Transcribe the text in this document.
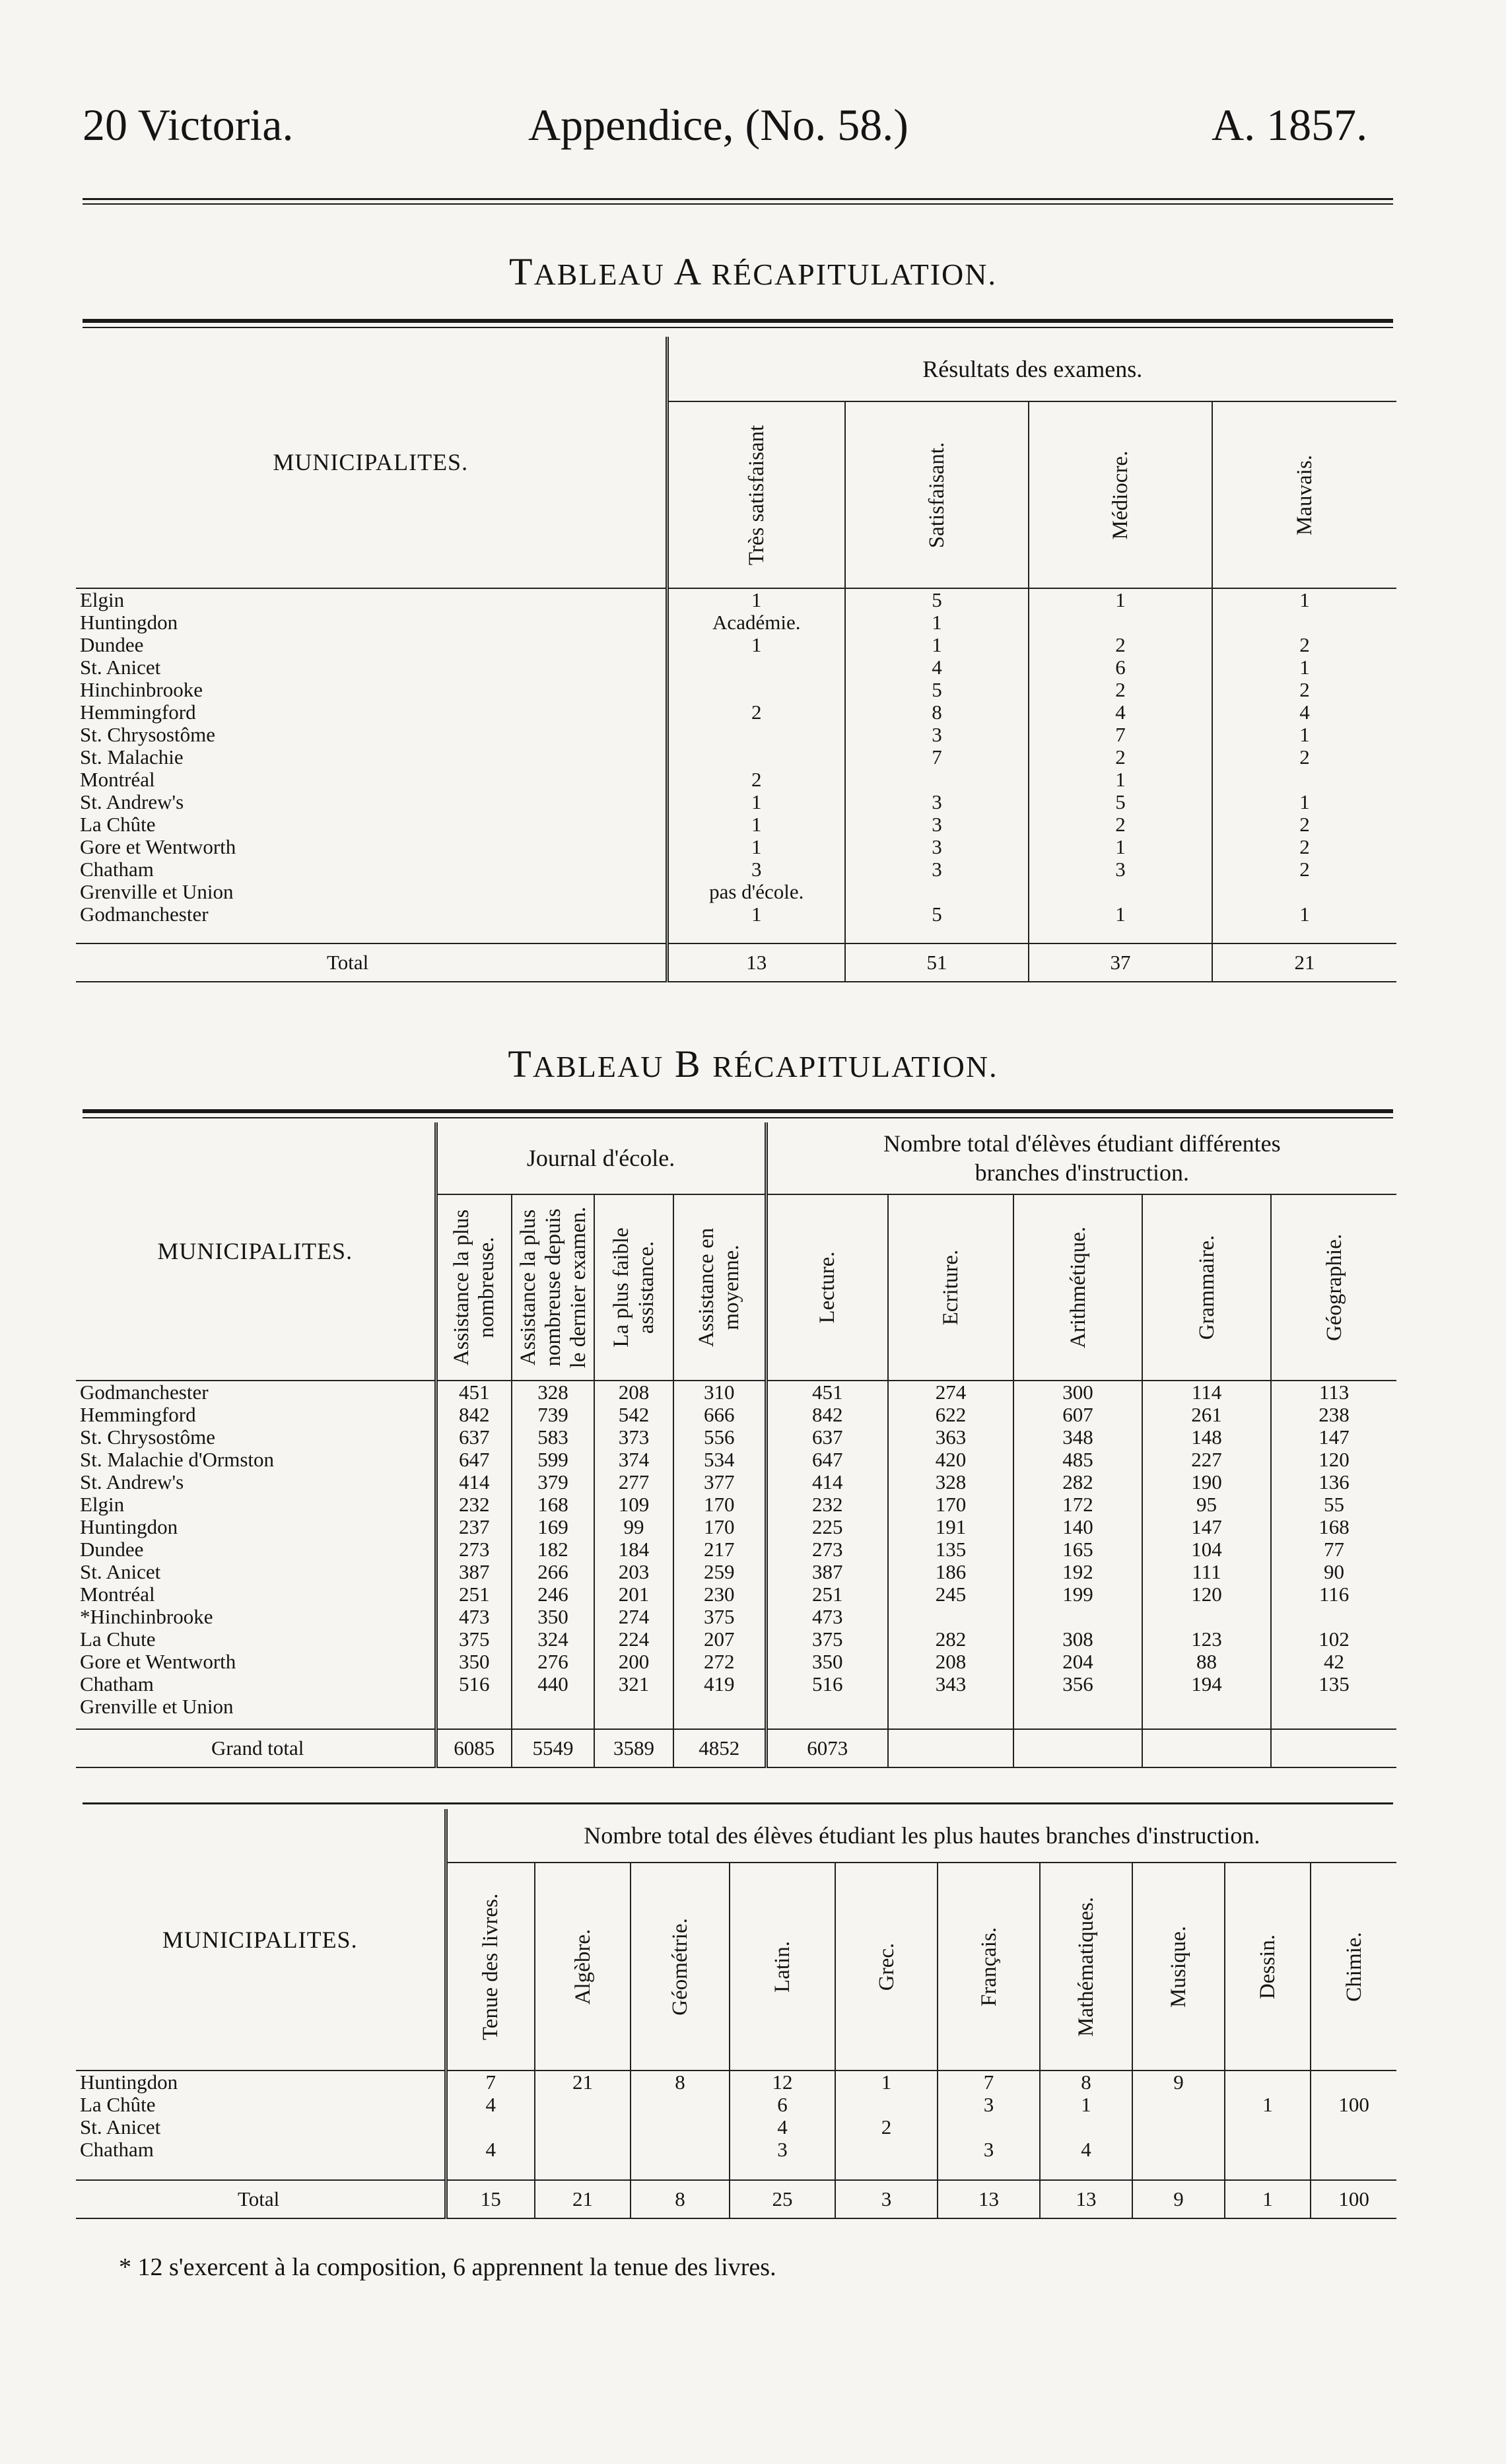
20 Victoria.	Appendice, (No. 58.)	A. 1857.
TABLEAU A RÉCAPITULATION.
MUNICIPALITES.	Résultats des examens.			

	Très satisfaisant	Satisfaisant.	Médiocre.	Mauvais.

Elgin	1	5	1	1
Huntingdon	Académie.	1		
Dundee	1	1	2	2
St. Anicet		4	6	1
Hinchinbrooke		5	2	2
Hemmingford	2	8	4	4
St. Chrysostôme		3	7	1
St. Malachie		7	2	2
Montréal	2		1	
St. Andrew's	1	3	5	1
La Chûte	1	3	2	2
Gore et Wentworth	1	3	1	2
Chatham	3	3	3	2
Grenville et Union	pas d'école.			
Godmanchester	1	5	1	1

Total	13	51	37	21
TABLEAU B RÉCAPITULATION.
MUNICIPALITES.	Journal d'école.				Nombre total d'élèves étudiant différentes
branches d'instruction.				

	Assistance la plus nombreuse.	Assistance la plus nombreuse depuis le dernier examen.	La plus faible assistance.	Assistance en moyenne.	Lecture.	Ecriture.	Arithmétique.	Grammaire.	Géographie.

Godmanchester	451	328	208	310	451	274	300	114	113
Hemmingford	842	739	542	666	842	622	607	261	238
St. Chrysostôme	637	583	373	556	637	363	348	148	147
St. Malachie d'Ormston	647	599	374	534	647	420	485	227	120
St. Andrew's	414	379	277	377	414	328	282	190	136
Elgin	232	168	109	170	232	170	172	95	55
Huntingdon	237	169	99	170	225	191	140	147	168
Dundee	273	182	184	217	273	135	165	104	77
St. Anicet	387	266	203	259	387	186	192	111	90
Montréal	251	246	201	230	251	245	199	120	116
*Hinchinbrooke	473	350	274	375	473				
La Chute	375	324	224	207	375	282	308	123	102
Gore et Wentworth	350	276	200	272	350	208	204	88	42
Chatham	516	440	321	419	516	343	356	194	135
Grenville et Union									

Grand total	6085	5549	3589	4852	6073				
MUNICIPALITES.	Nombre total des élèves étudiant les plus hautes branches d'instruction.									

	Tenue des livres.	Algèbre.	Géométrie.	Latin.	Grec.	Français.	Mathématiques.	Musique.	Dessin.	Chimie.

Huntingdon	7	21	8	12	1	7	8	9		
La Chûte	4			6		3	1		1	100
St. Anicet				4	2					
Chatham	4			3		3	4			

Total	15	21	8	25	3	13	13	9	1	100
* 12 s'exercent à la composition, 6 apprennent la tenue des livres.
